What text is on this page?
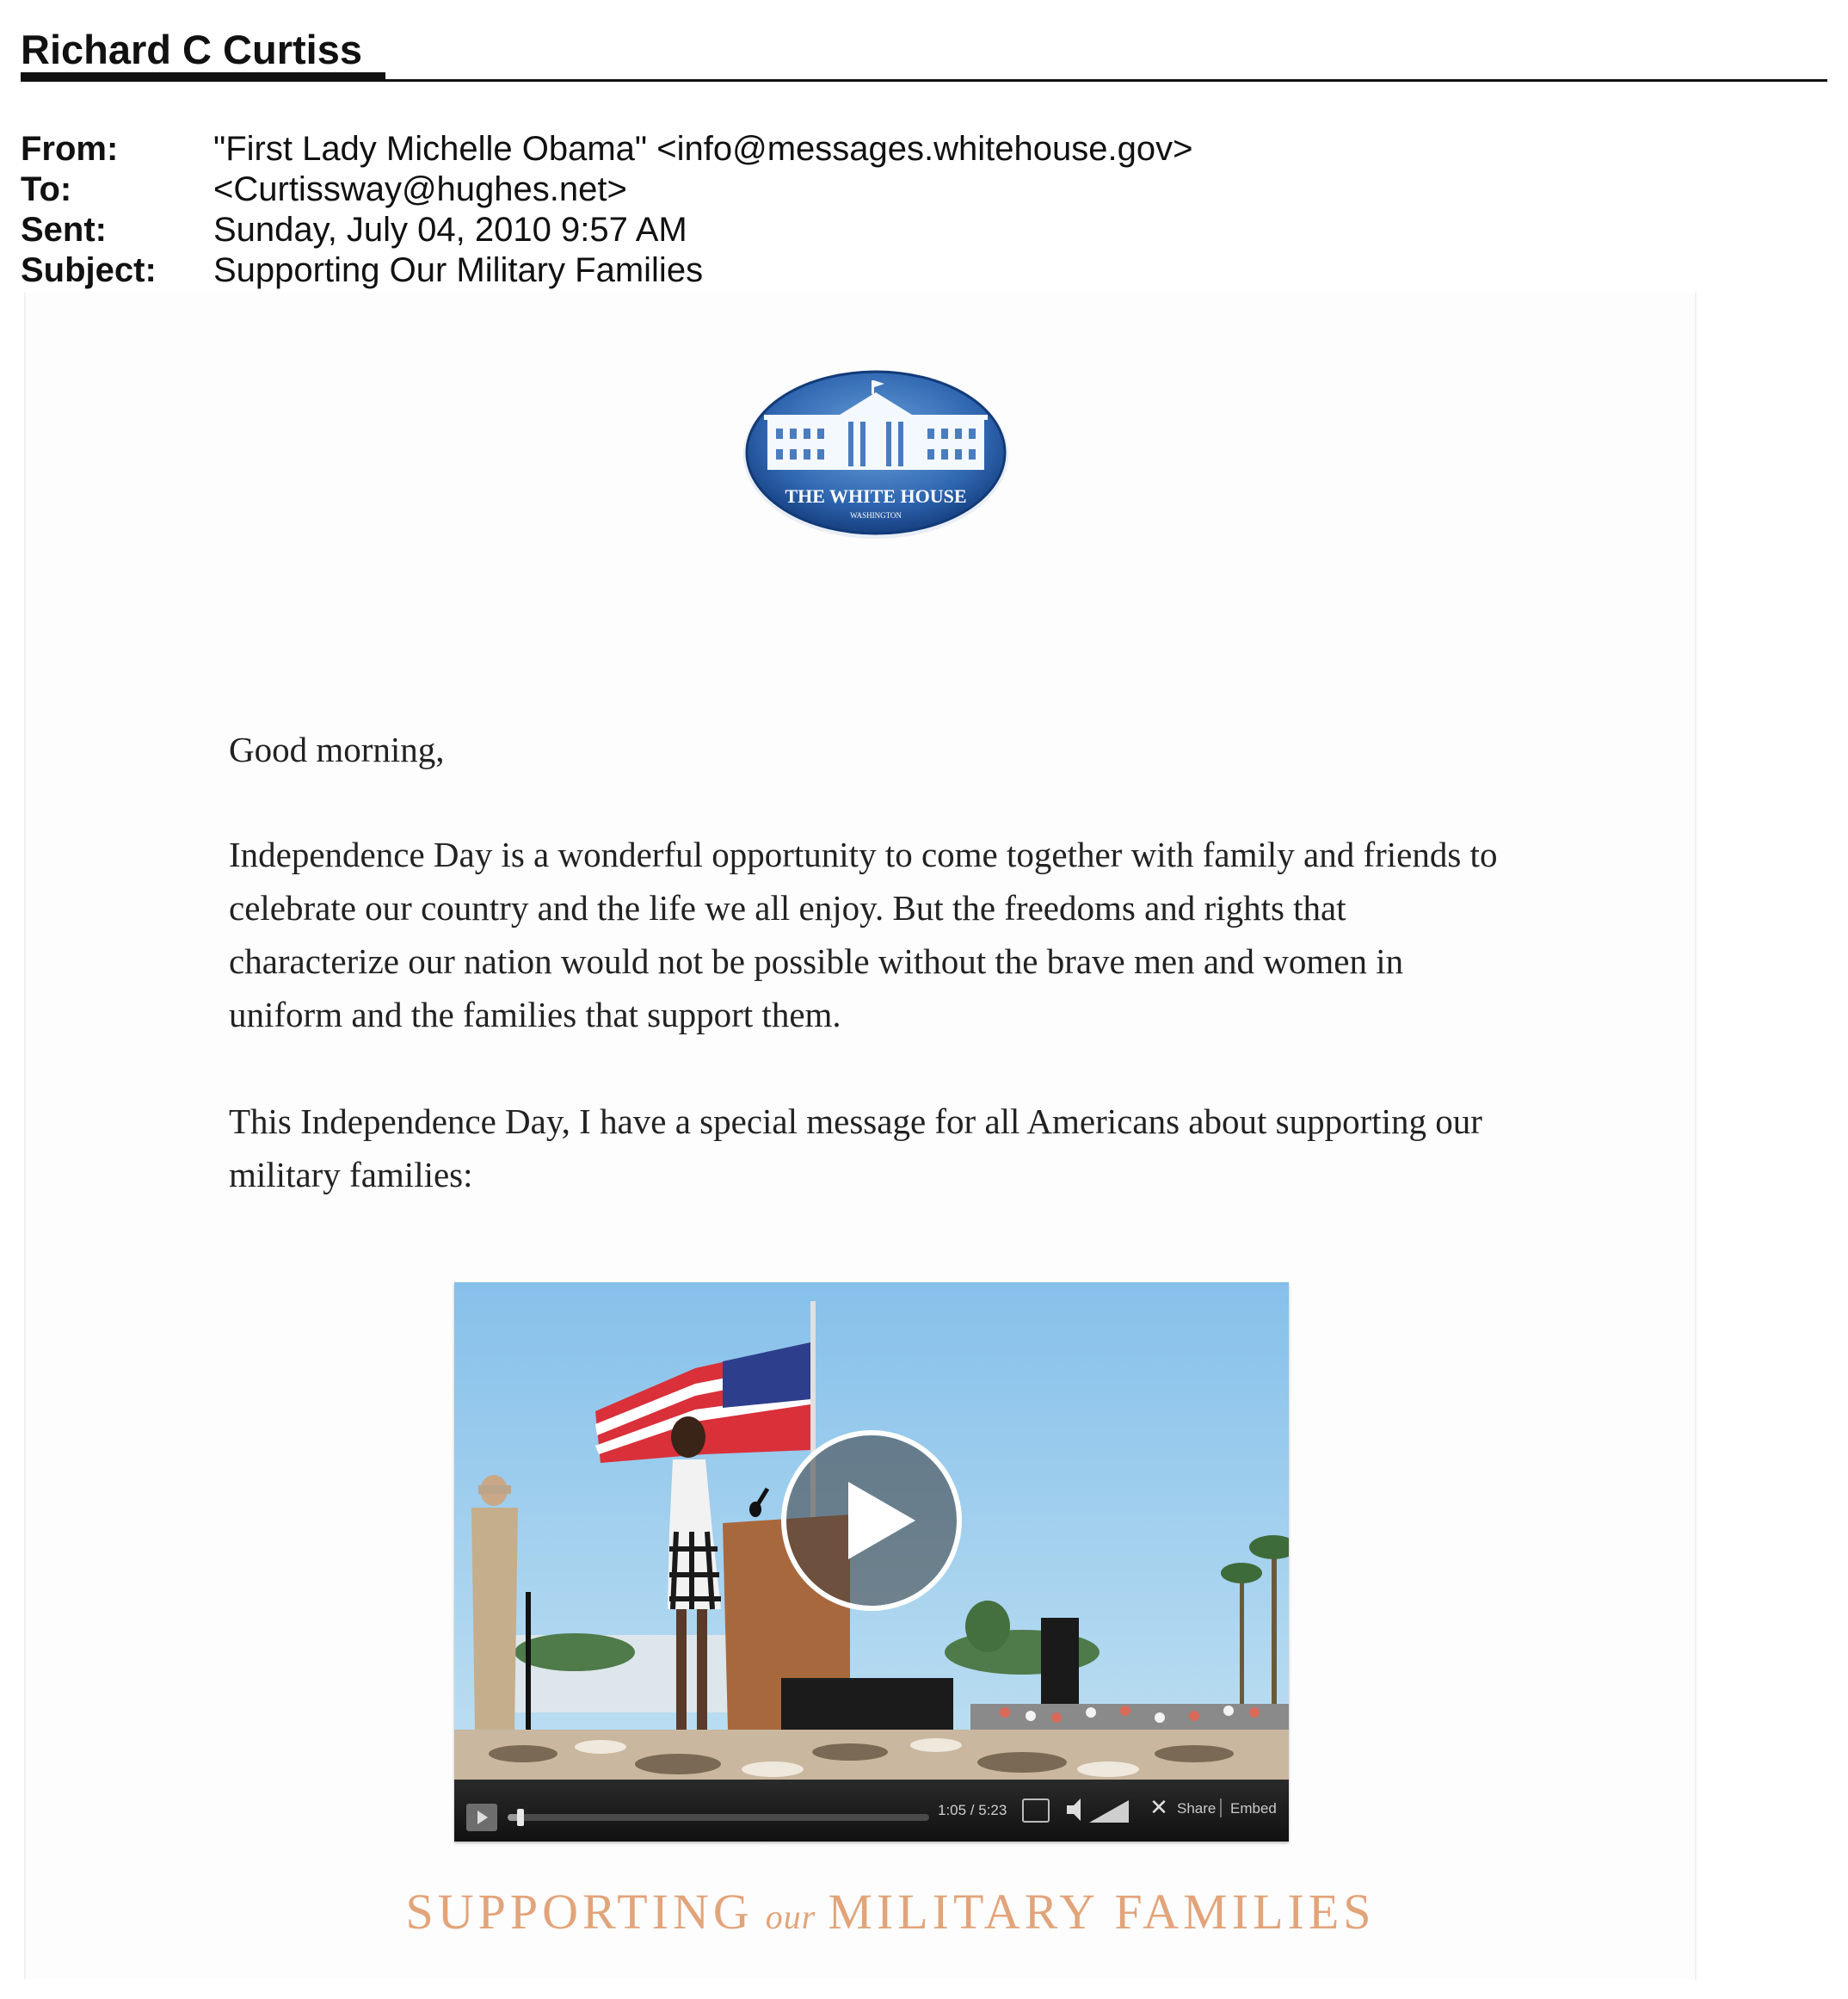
Richard C Curtiss
From:	"First Lady Michelle Obama" <info@messages.whitehouse.gov>
To:	<Curtissway@hughes.net>
Sent:	Sunday, July 04, 2010 9:57 AM
Subject: Supporting Our Military Families
THE WHITE HOUSE
WASHINGTON
Good morning,
Independence Day is a wonderful opportunity to come together with family and friends to celebrate our country and the life we all enjoy. But the freedoms and rights that characterize our nation would not be possible without the brave men and women in uniform and the families that support them.
This Independence Day, I have a special message for all Americans about supporting our military families:
1:05 / 5:23	✕ Share Embed
SUPPORTING our MILITARY FAMILIES
